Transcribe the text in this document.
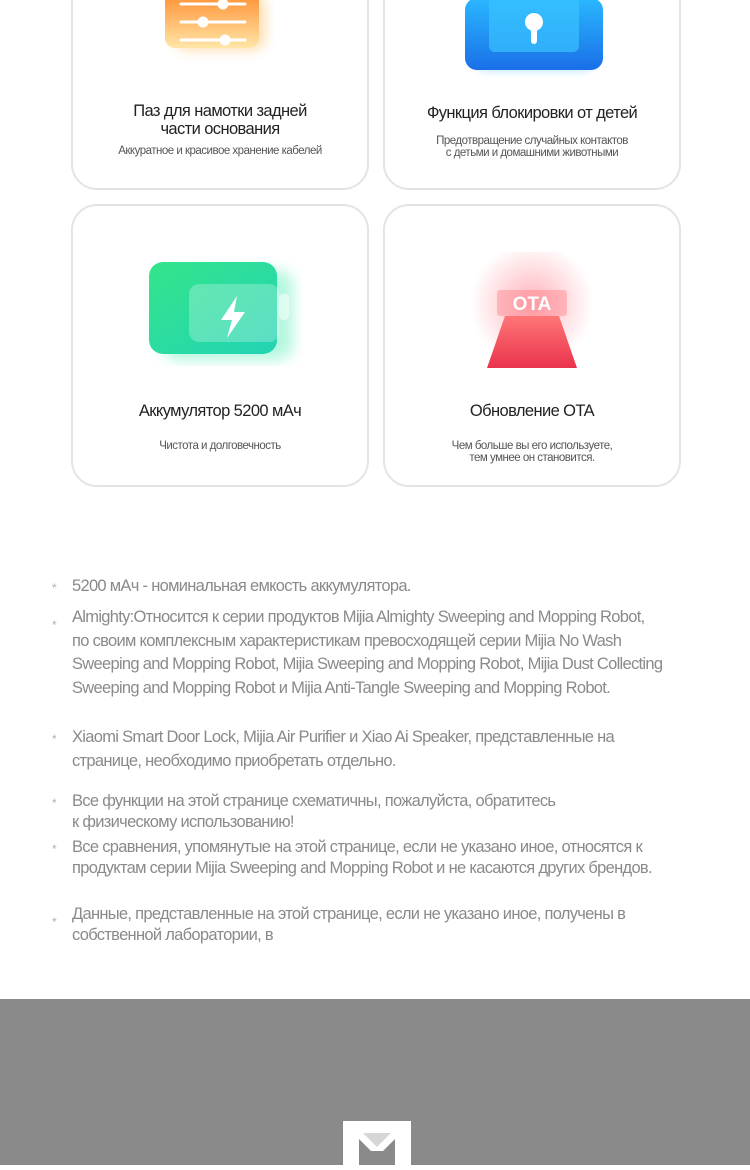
Паз для намотки задней
части основания
Аккуратное и красивое хранение кабелей
Функция блокировки от детей
Предотвращение случайных контактов
с детьми и домашними животными
Аккумулятор 5200 мАч
Чистота и долговечность
OTA
Обновление OTA
Чем больше вы его используете,
тем умнее он становится.
* 5200 мАч - номинальная емкость аккумулятора.
* Almighty:Относится к серии продуктов Mijia Almighty Sweeping and Mopping Robot,
по своим комплексным характеристикам превосходящей серии Mijia No Wash
Sweeping and Mopping Robot, Mijia Sweeping and Mopping Robot, Mijia Dust Collecting
Sweeping and Mopping Robot и Mijia Anti-Tangle Sweeping and Mopping Robot.
* Xiaomi Smart Door Lock, Mijia Air Purifier и Xiao Ai Speaker, представленные на
странице, необходимо приобретать отдельно.
* Все функции на этой странице схематичны, пожалуйста, обратитесь
к физическому использованию!
* Все сравнения, упомянутые на этой странице, если не указано иное, относятся к
продуктам серии Mijia Sweeping and Mopping Robot и не касаются других брендов.
* Данные, представленные на этой странице, если не указано иное, получены в
собственной лаборатории, в
